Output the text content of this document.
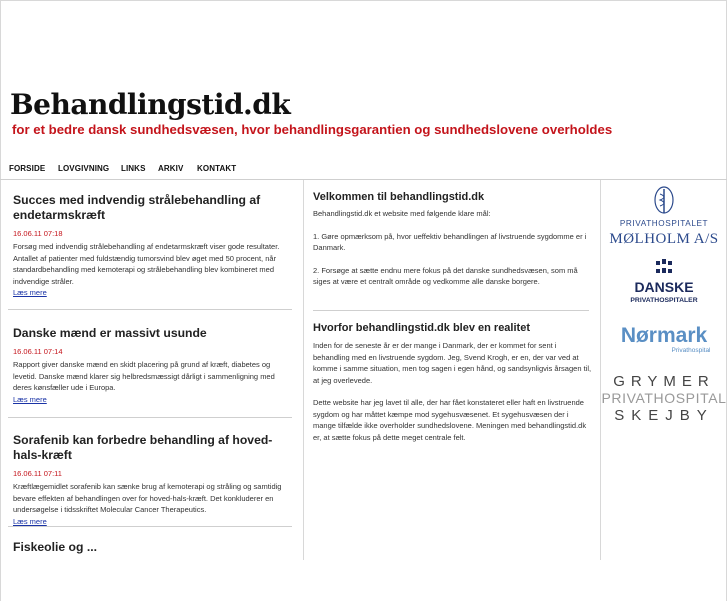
Behandlingstid.dk
for et bedre dansk sundhedsvæsen, hvor behandlingsgarantien og sundhedslovene overholdes
FORSIDE LOVGIVNING LINKS ARKIV KONTAKT
Succes med indvendig strålebehandling af endetarmskræft
16.06.11 07:18
Forsøg med indvendig strålebehandling af endetarmskræft viser gode resultater. Antallet af patienter med fuldstændig tumorsvind blev øget med 50 procent, når standardbehandling med kemoterapi og strålebehandling blev kombineret med indvendige stråler.
Læs mere
Danske mænd er massivt usunde
16.06.11 07:14
Rapport giver danske mænd en skidt placering på grund af kræft, diabetes og levetid. Danske mænd klarer sig helbredsmæssigt dårligt i sammenligning med deres kønsfæller ude i Europa.
Læs mere
Sorafenib kan forbedre behandling af hoved-hals-kræft
16.06.11 07:11
Kræftlægemidlet sorafenib kan sænke brug af kemoterapi og stråling og samtidig bevare effekten af behandlingen over for hoved-hals-kræft. Det konkluderer en undersøgelse i tidsskriftet Molecular Cancer Therapeutics.
Læs mere
Fiskeolie og ...
Velkommen til behandlingstid.dk

Behandlingstid.dk et website med følgende klare mål:

1. Gøre opmærksom på, hvor ueffektiv behandlingen af livstruende sygdomme er i Danmark.

2. Forsøge at sætte endnu mere fokus på det danske sundhedsvæsen, som må siges at være et centralt område og vedkomme alle danske borgere.

Hvorfor behandlingstid.dk blev en realitet

Inden for de seneste år er der mange i Danmark, der er kommet for sent i behandling med en livstruende sygdom. Jeg, Svend Krogh, er en, der var ved at komme i samme situation, men tog sagen i egen hånd, og sandsynligvis årsagen til, at jeg overlevede.

Dette website har jeg lavet til alle, der har fået konstateret eller haft en livstruende sygdom og har måttet kæmpe mod sygehusvæsenet. Et sygehusvæsen der i mange tilfælde ikke overholder sundhedslovene. Meningen med behandlingstid.dk er, at sætte fokus på dette meget centrale felt.

PRIVATHOSPITALET
MØLHOLM A/S
DANSKE
PRIVATHOSPITALER
Nørmark
Privathospital
GRYMER
PRIVATHOSPITAL
SKEJBY
